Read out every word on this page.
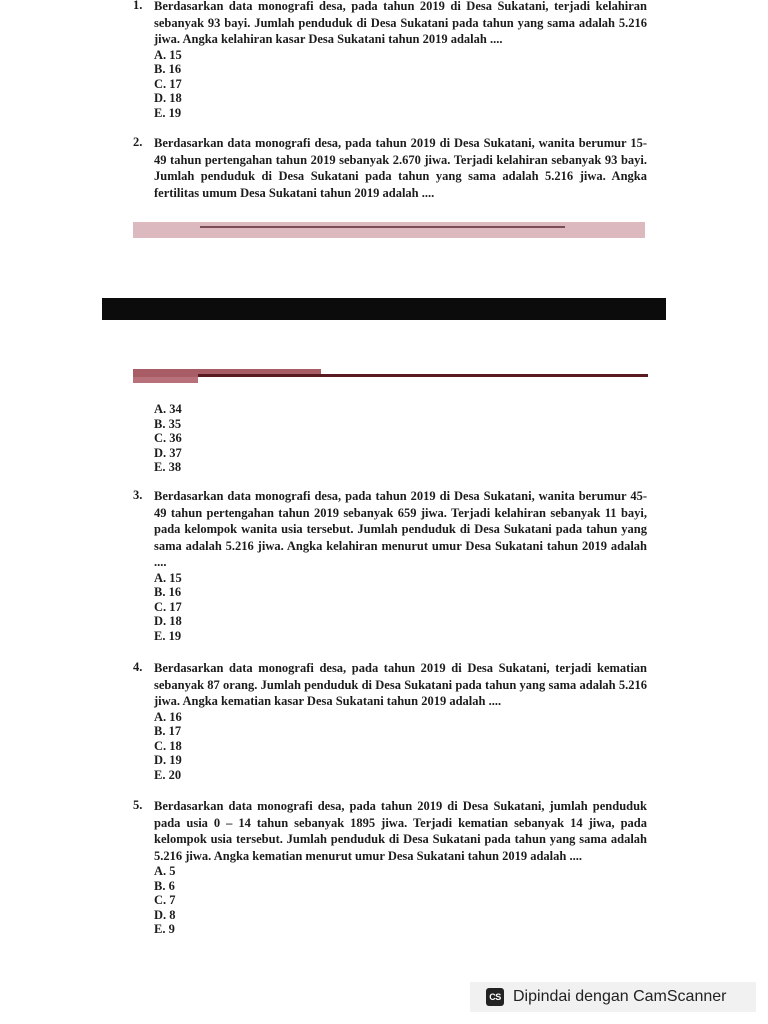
1. Berdasarkan data monografi desa, pada tahun 2019 di Desa Sukatani, terjadi kelahiran sebanyak 93 bayi. Jumlah penduduk di Desa Sukatani pada tahun yang sama adalah 5.216 jiwa. Angka kelahiran kasar Desa Sukatani tahun 2019 adalah ....
A. 15
B. 16
C. 17
D. 18
E. 19
2. Berdasarkan data monografi desa, pada tahun 2019 di Desa Sukatani, wanita berumur 15-49 tahun pertengahan tahun 2019 sebanyak 2.670 jiwa. Terjadi kelahiran sebanyak 93 bayi. Jumlah penduduk di Desa Sukatani pada tahun yang sama adalah 5.216 jiwa. Angka fertilitas umum Desa Sukatani tahun 2019 adalah ....
A. 34
B. 35
C. 36
D. 37
E. 38
3. Berdasarkan data monografi desa, pada tahun 2019 di Desa Sukatani, wanita berumur 45-49 tahun pertengahan tahun 2019 sebanyak 659 jiwa. Terjadi kelahiran sebanyak 11 bayi, pada kelompok wanita usia tersebut. Jumlah penduduk di Desa Sukatani pada tahun yang sama adalah 5.216 jiwa. Angka kelahiran menurut umur Desa Sukatani tahun 2019 adalah ....
A. 15
B. 16
C. 17
D. 18
E. 19
4. Berdasarkan data monografi desa, pada tahun 2019 di Desa Sukatani, terjadi kematian sebanyak 87 orang. Jumlah penduduk di Desa Sukatani pada tahun yang sama adalah 5.216 jiwa. Angka kematian kasar Desa Sukatani tahun 2019 adalah ....
A. 16
B. 17
C. 18
D. 19
E. 20
5. Berdasarkan data monografi desa, pada tahun 2019 di Desa Sukatani, jumlah penduduk pada usia 0 – 14 tahun sebanyak 1895 jiwa. Terjadi kematian sebanyak 14 jiwa, pada kelompok usia tersebut. Jumlah penduduk di Desa Sukatani pada tahun yang sama adalah 5.216 jiwa. Angka kematian menurut umur Desa Sukatani tahun 2019 adalah ....
A. 5
B. 6
C. 7
D. 8
E. 9
CS Dipindai dengan CamScanner
